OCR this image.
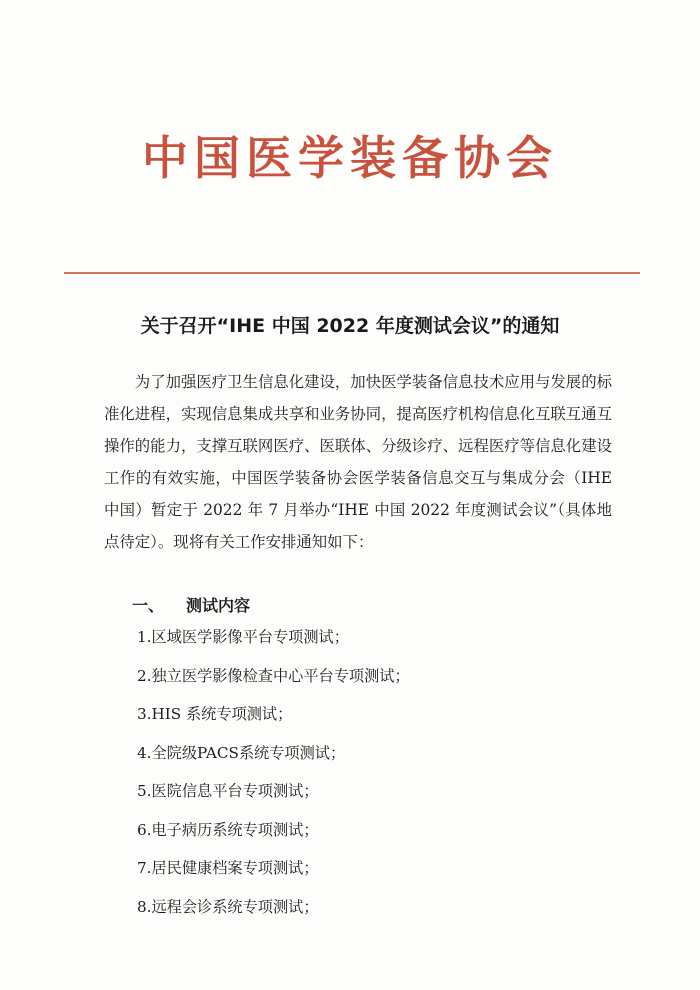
中国医学装备协会
关于召开“IHE 中国 2022 年度测试会议”的通知

为了加强医疗卫生信息化建设，加快医学装备信息技术应用与发展的标准化进程，实现信息集成共享和业务协同，提高医疗机构信息化互联互通互操作的能力，支撑互联网医疗、医联体、分级诊疗、远程医疗等信息化建设工作的有效实施，中国医学装备协会医学装备信息交互与集成分会（IHE 中国）暂定于 2022 年 7 月举办“IHE 中国 2022 年度测试会议”（具体地点待定）。现将有关工作安排通知如下：

一、 测试内容
1.区域医学影像平台专项测试；
2.独立医学影像检查中心平台专项测试；
3.HIS 系统专项测试；
4.全院级PACS系统专项测试；
5.医院信息平台专项测试；
6.电子病历系统专项测试；
7.居民健康档案专项测试；
8.远程会诊系统专项测试；
